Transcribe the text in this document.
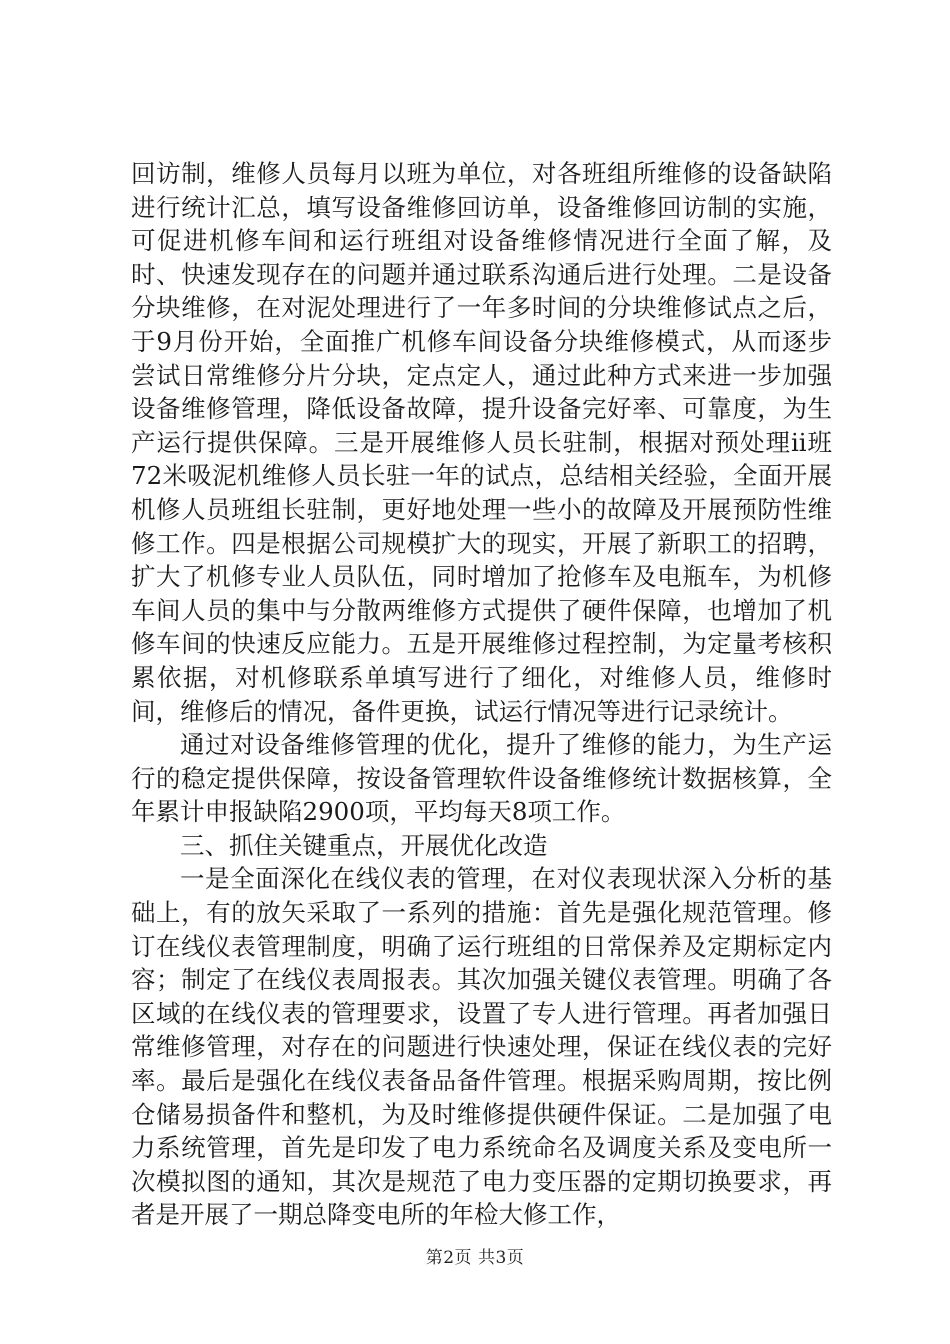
回访制，维修人员每月以班为单位，对各班组所维修的设备缺陷进行统计汇总，填写设备维修回访单，设备维修回访制的实施，可促进机修车间和运行班组对设备维修情况进行全面了解，及时、快速发现存在的问题并通过联系沟通后进行处理。二是设备分块维修，在对泥处理进行了一年多时间的分块维修试点之后，于9月份开始，全面推广机修车间设备分块维修模式，从而逐步尝试日常维修分片分块，定点定人，通过此种方式来进一步加强设备维修管理，降低设备故障，提升设备完好率、可靠度，为生产运行提供保障。三是开展维修人员长驻制，根据对预处理ii班72米吸泥机维修人员长驻一年的试点，总结相关经验，全面开展机修人员班组长驻制，更好地处理一些小的故障及开展预防性维修工作。四是根据公司规模扩大的现实，开展了新职工的招聘，扩大了机修专业人员队伍，同时增加了抢修车及电瓶车，为机修车间人员的集中与分散两维修方式提供了硬件保障，也增加了机修车间的快速反应能力。五是开展维修过程控制，为定量考核积累依据，对机修联系单填写进行了细化，对维修人员，维修时间，维修后的情况，备件更换，试运行情况等进行记录统计。

通过对设备维修管理的优化，提升了维修的能力，为生产运行的稳定提供保障，按设备管理软件设备维修统计数据核算，全年累计申报缺陷2900项，平均每天8项工作。

三、抓住关键重点，开展优化改造

一是全面深化在线仪表的管理，在对仪表现状深入分析的基础上，有的放矢采取了一系列的措施：首先是强化规范管理。修订在线仪表管理制度，明确了运行班组的日常保养及定期标定内容；制定了在线仪表周报表。其次加强关键仪表管理。明确了各区域的在线仪表的管理要求，设置了专人进行管理。再者加强日常维修管理，对存在的问题进行快速处理，保证在线仪表的完好率。最后是强化在线仪表备品备件管理。根据采购周期，按比例仓储易损备件和整机，为及时维修提供硬件保证。二是加强了电力系统管理，首先是印发了电力系统命名及调度关系及变电所一次模拟图的通知，其次是规范了电力变压器的定期切换要求，再者是开展了一期总降变电所的年检大修工作，

第2页 共3页
